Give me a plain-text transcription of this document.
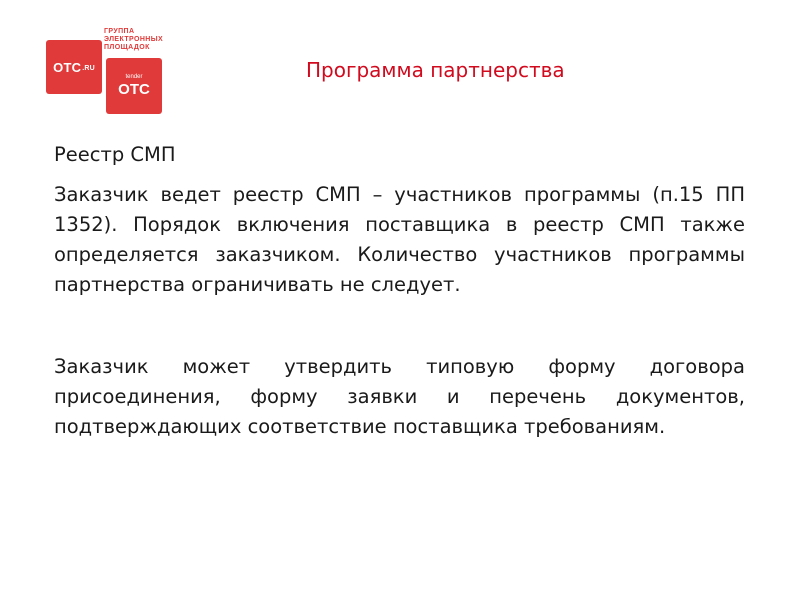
ГРУППА
ЭЛЕКТРОННЫХ
ПЛОЩАДОК
ОТС .RU
tender
ОТС
Программа партнерства
Реестр СМП
Заказчик ведет реестр СМП – участников программы (п.15 ПП 1352). Порядок включения поставщика в реестр СМП также определяется заказчиком. Количество участников программы партнерства ограничивать не следует.
Заказчик может утвердить типовую форму договора присоединения, форму заявки и перечень документов, подтверждающих соответствие поставщика требованиям.
